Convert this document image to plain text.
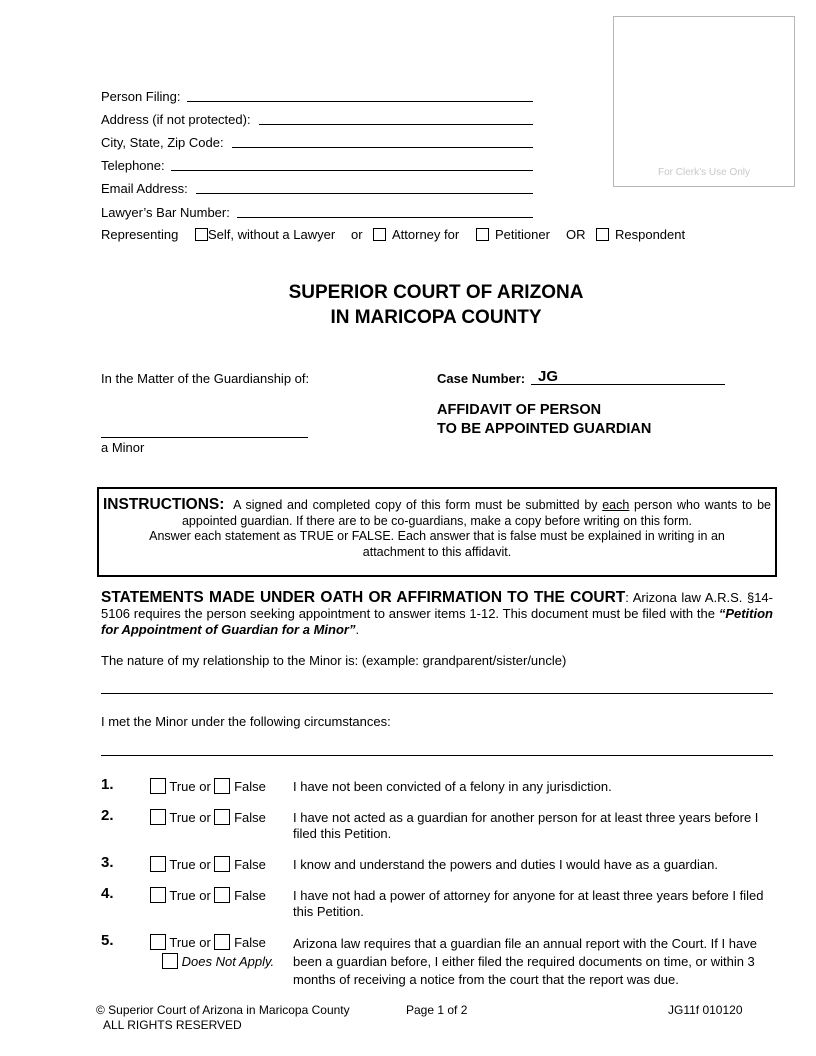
For Clerk’s Use Only
Person Filing:
Address (if not protected):
City, State, Zip Code:
Telephone:
Email Address:
Lawyer’s Bar Number:
Representing	Self, without a Lawyer or	Attorney for	Petitioner OR	Respondent
SUPERIOR COURT OF ARIZONA
IN MARICOPA COUNTY
In the Matter of the Guardianship of:
a Minor
Case Number: JG
AFFIDAVIT OF PERSON
TO BE APPOINTED GUARDIAN
INSTRUCTIONS: A signed and completed copy of this form must be submitted by each person who wants to be appointed guardian. If there are to be co-guardians, make a copy before writing on this form.
Answer each statement as TRUE or FALSE. Each answer that is false must be explained in writing in an attachment to this affidavit.
STATEMENTS MADE UNDER OATH OR AFFIRMATION TO THE COURT: Arizona law A.R.S. §14-5106 requires the person seeking appointment to answer items 1-12. This document must be filed with the “Petition for Appointment of Guardian for a Minor”.
The nature of my relationship to the Minor is: (example: grandparent/sister/uncle)
I met the Minor under the following circumstances:
1.	True or False I have not been convicted of a felony in any jurisdiction.
2.	True or False I have not acted as a guardian for another person for at least three years before I filed this Petition.
3.	True or False I know and understand the powers and duties I would have as a guardian.
4.	True or False I have not had a power of attorney for anyone for at least three years before I filed this Petition.
5.	True or False
Does Not Apply.
Arizona law requires that a guardian file an annual report with the Court. If I have been a guardian before, I either filed the required documents on time, or within 3 months of receiving a notice from the court that the report was due.
© Superior Court of Arizona in Maricopa County
ALL RIGHTS RESERVED
Page 1 of 2	JG11f 010120
